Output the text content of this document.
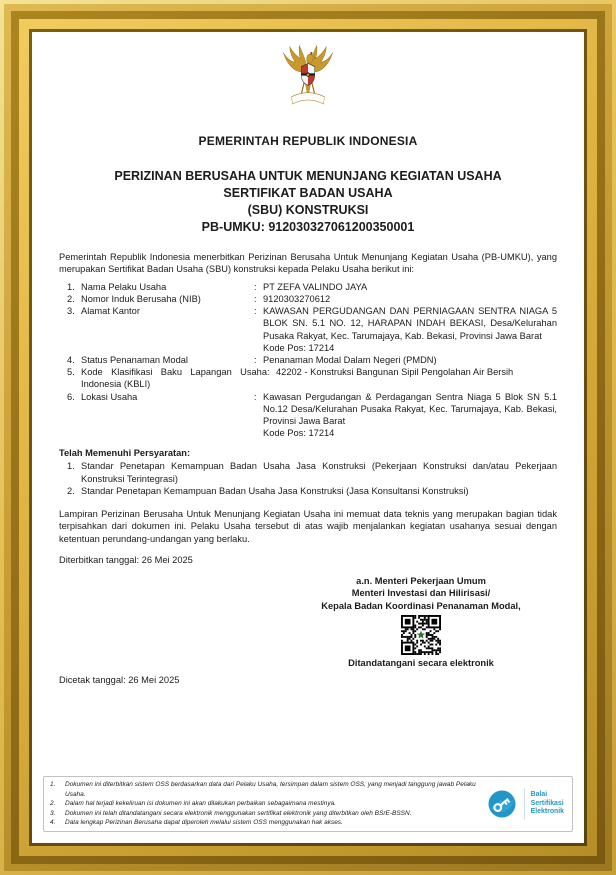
PEMERINTAH REPUBLIK INDONESIA
PERIZINAN BERUSAHA UNTUK MENUNJANG KEGIATAN USAHA
SERTIFIKAT BADAN USAHA
(SBU) KONSTRUKSI
PB-UMKU: 912030327061200350001
Pemerintah Republik Indonesia menerbitkan Perizinan Berusaha Untuk Menunjang Kegiatan Usaha (PB-UMKU), yang merupakan Sertifikat Badan Usaha (SBU) konstruksi kepada Pelaku Usaha berikut ini:
1. Nama Pelaku Usaha	: PT ZEFA VALINDO JAYA
2. Nomor Induk Berusaha (NIB)	: 9120303270612
3. Alamat Kantor	: KAWASAN PERGUDANGAN DAN PERNIAGAAN SENTRA NIAGA 5 BLOK SN. 5.1 NO. 12, HARAPAN INDAH BEKASI, Desa/Kelurahan Pusaka Rakyat, Kec. Tarumajaya, Kab. Bekasi, Provinsi Jawa Barat
Kode Pos: 17214
4. Status Penanaman Modal	: Penanaman Modal Dalam Negeri (PMDN)
5. Kode Klasifikasi Baku Lapangan Usaha Indonesia (KBLI)
: 42202 - Konstruksi Bangunan Sipil Pengolahan Air Bersih
6. Lokasi Usaha	: Kawasan Pergudangan & Perdagangan Sentra Niaga 5 Blok SN 5.1 No.12 Desa/Kelurahan Pusaka Rakyat, Kec. Tarumajaya, Kab. Bekasi, Provinsi Jawa Barat
Kode Pos: 17214
Telah Memenuhi Persyaratan:
1. Standar Penetapan Kemampuan Badan Usaha Jasa Konstruksi (Pekerjaan Konstruksi dan/atau Pekerjaan Konstruksi Terintegrasi)
2. Standar Penetapan Kemampuan Badan Usaha Jasa Konstruksi (Jasa Konsultansi Konstruksi)
Lampiran Perizinan Berusaha Untuk Menunjang Kegiatan Usaha ini memuat data teknis yang merupakan bagian tidak terpisahkan dari dokumen ini. Pelaku Usaha tersebut di atas wajib menjalankan kegiatan usahanya sesuai dengan ketentuan perundang-undangan yang berlaku.
Diterbitkan tanggal: 26 Mei 2025
a.n. Menteri Pekerjaan Umum
Menteri Investasi dan Hilirisasi/
Kepala Badan Koordinasi Penanaman Modal,
Ditandatangani secara elektronik
Dicetak tanggal: 26 Mei 2025
1.	Dokumen ini diterbitkan sistem OSS berdasarkan data dari Pelaku Usaha, tersimpan dalam sistem OSS, yang menjadi tanggung jawab Pelaku Usaha.
2.	Dalam hal terjadi kekeliruan isi dokumen ini akan dilakukan perbaikan sebagaimana mestinya.
3.	Dokumen ini telah ditandatangani secara elektronik menggunakan sertifikat elektronik yang diterbitkan oleh BSrE-BSSN.
4.	Data lengkap Perizinan Berusaha dapat diperoleh melalui sistem OSS menggunakan hak akses.
Balai
Sertifikasi
Elektronik
